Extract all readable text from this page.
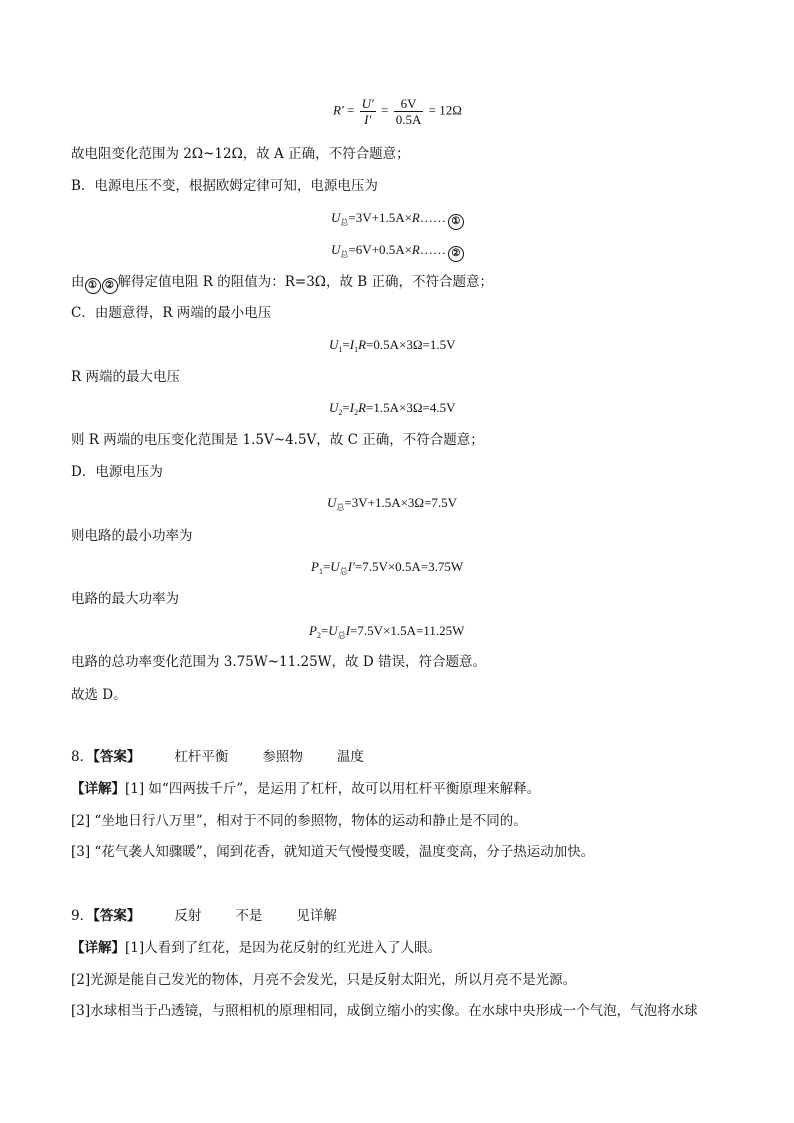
$R' = \frac{U'}{I'} = \frac{6V}{0.5A} = 12\Omega$
故电阻变化范围为 2Ω~12Ω，故 A 正确，不符合题意；
B．电源电压不变，根据欧姆定律可知，电源电压为
$U_总=3V+1.5A\times R\dots\dots$ ①
$U_总=6V+0.5A\times R\dots\dots$ ②
由 ① ② 解得定值电阻 R 的阻值为：R=3Ω，故 B 正确，不符合题意；
C．由题意得，R 两端的最小电压
$U_1=I_1R=0.5A\times 3\Omega=1.5V$
R 两端的最大电压
$U_2=I_2R=1.5A\times 3\Omega=4.5V$
则 R 两端的电压变化范围是 1.5V~4.5V，故 C 正确，不符合题意；
D．电源电压为
$U_总=3V+1.5A\times 3\Omega=7.5V$
则电路的最小功率为
$P_1=U_总I'=7.5V\times 0.5A=3.75W$
电路的最大功率为
$P_2=U_总I=7.5V\times 1.5A=11.25W$
电路的总功率变化范围为 3.75W~11.25W，故 D 错误，符合题意。
故选 D。
8．【答案】	杠杆平衡	参照物	温度
【详解】[1] 如“四两拔千斤”，是运用了杠杆，故可以用杠杆平衡原理来解释。
[2] “坐地日行八万里”，相对于不同的参照物，物体的运动和静止是不同的。
[3] “花气袭人知骤暖”，闻到花香，就知道天气慢慢变暖，温度变高，分子热运动加快。
9．【答案】	反射	不是	见详解
【详解】[1]人看到了红花，是因为花反射的红光进入了人眼。
[2]光源是能自己发光的物体，月亮不会发光，只是反射太阳光，所以月亮不是光源。
[3]水球相当于凸透镜，与照相机的原理相同，成倒立缩小的实像。在水球中央形成一个气泡，气泡将水球
